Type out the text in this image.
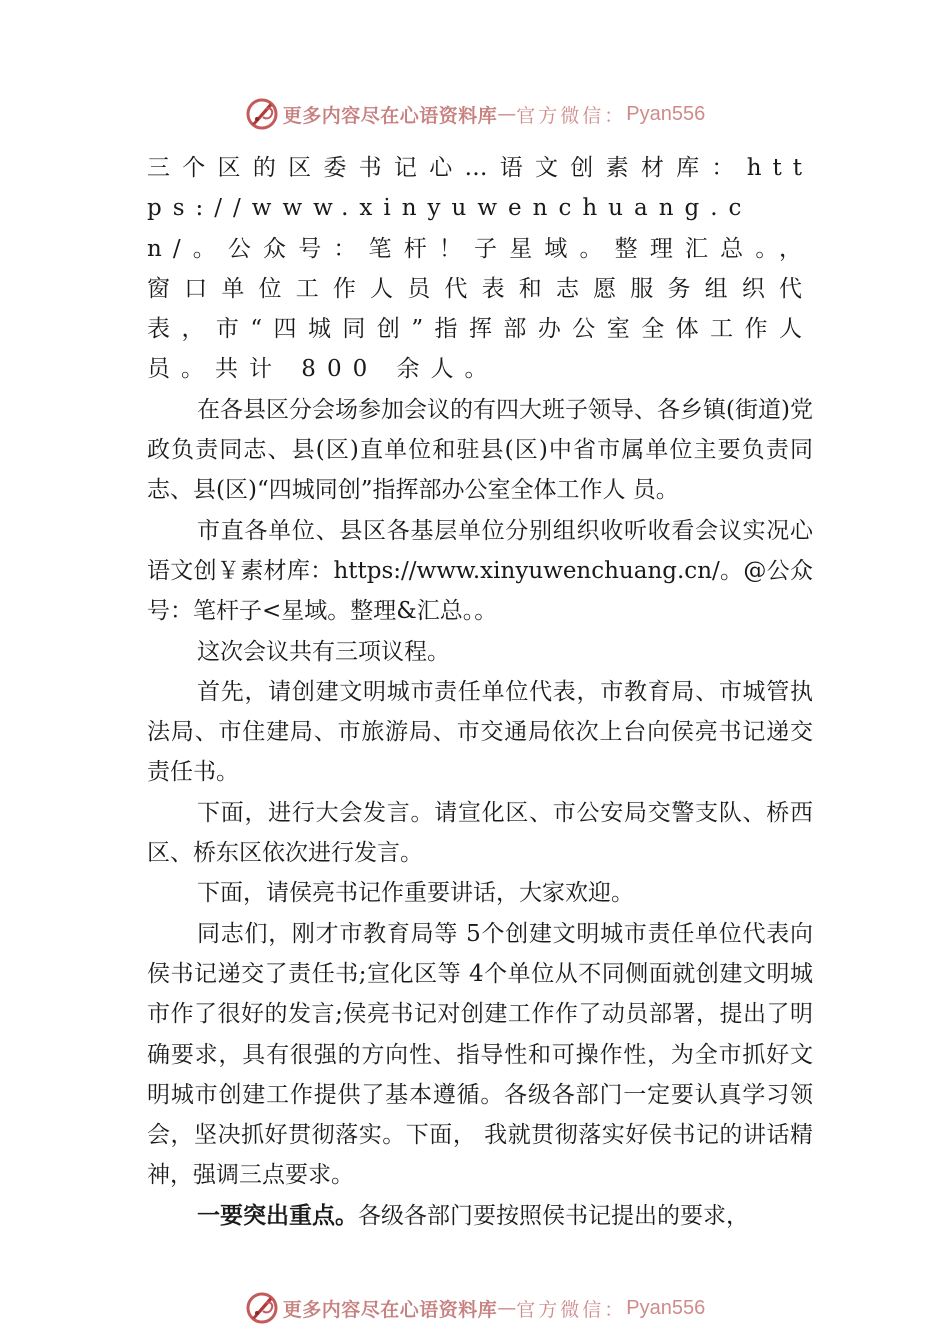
更多内容尽在心语资料库 — 官方微信： Pyan556

三个区的区委书记心…语文创素材库：https://www.xinyuwenchuang.cn/。公众号：笔杆！子星域。整理汇总。，窗口单位工作人员代表和志愿服务组织代表，市“四城同创”指挥部办公室全体工作人员。共计 800 余人。

在各县区分会场参加会议的有四大班子领导、各乡镇(街道)党政负责同志、县(区)直单位和驻县(区)中省市属单位主要负责同志、县(区)“四城同创”指挥部办公室全体工作人 员。

市直各单位、县区各基层单位分别组织收听收看会议实况心语文创￥素材库：https://www.xinyuwenchuang.cn/。@公众号：笔杆子<星域。整理&汇总。。

这次会议共有三项议程。

首先，请创建文明城市责任单位代表，市教育局、市城管执法局、市住建局、市旅游局、市交通局依次上台向侯亮书记递交责任书。

下面，进行大会发言。请宣化区、市公安局交警支队、桥西区、桥东区依次进行发言。

下面，请侯亮书记作重要讲话，大家欢迎。

同志们，刚才市教育局等 5个创建文明城市责任单位代表向侯书记递交了责任书;宣化区等 4个单位从不同侧面就创建文明城市作了很好的发言;侯亮书记对创建工作作了动员部署，提出了明确要求，具有很强的方向性、指导性和可操作性，为全市抓好文明城市创建工作提供了基本遵循。各级各部门一定要认真学习领会，坚决抓好贯彻落实。下面， 我就贯彻落实好侯书记的讲话精神，强调三点要求。

一要突出重点。各级各部门要按照侯书记提出的要求，

更多内容尽在心语资料库 — 官方微信： Pyan556
